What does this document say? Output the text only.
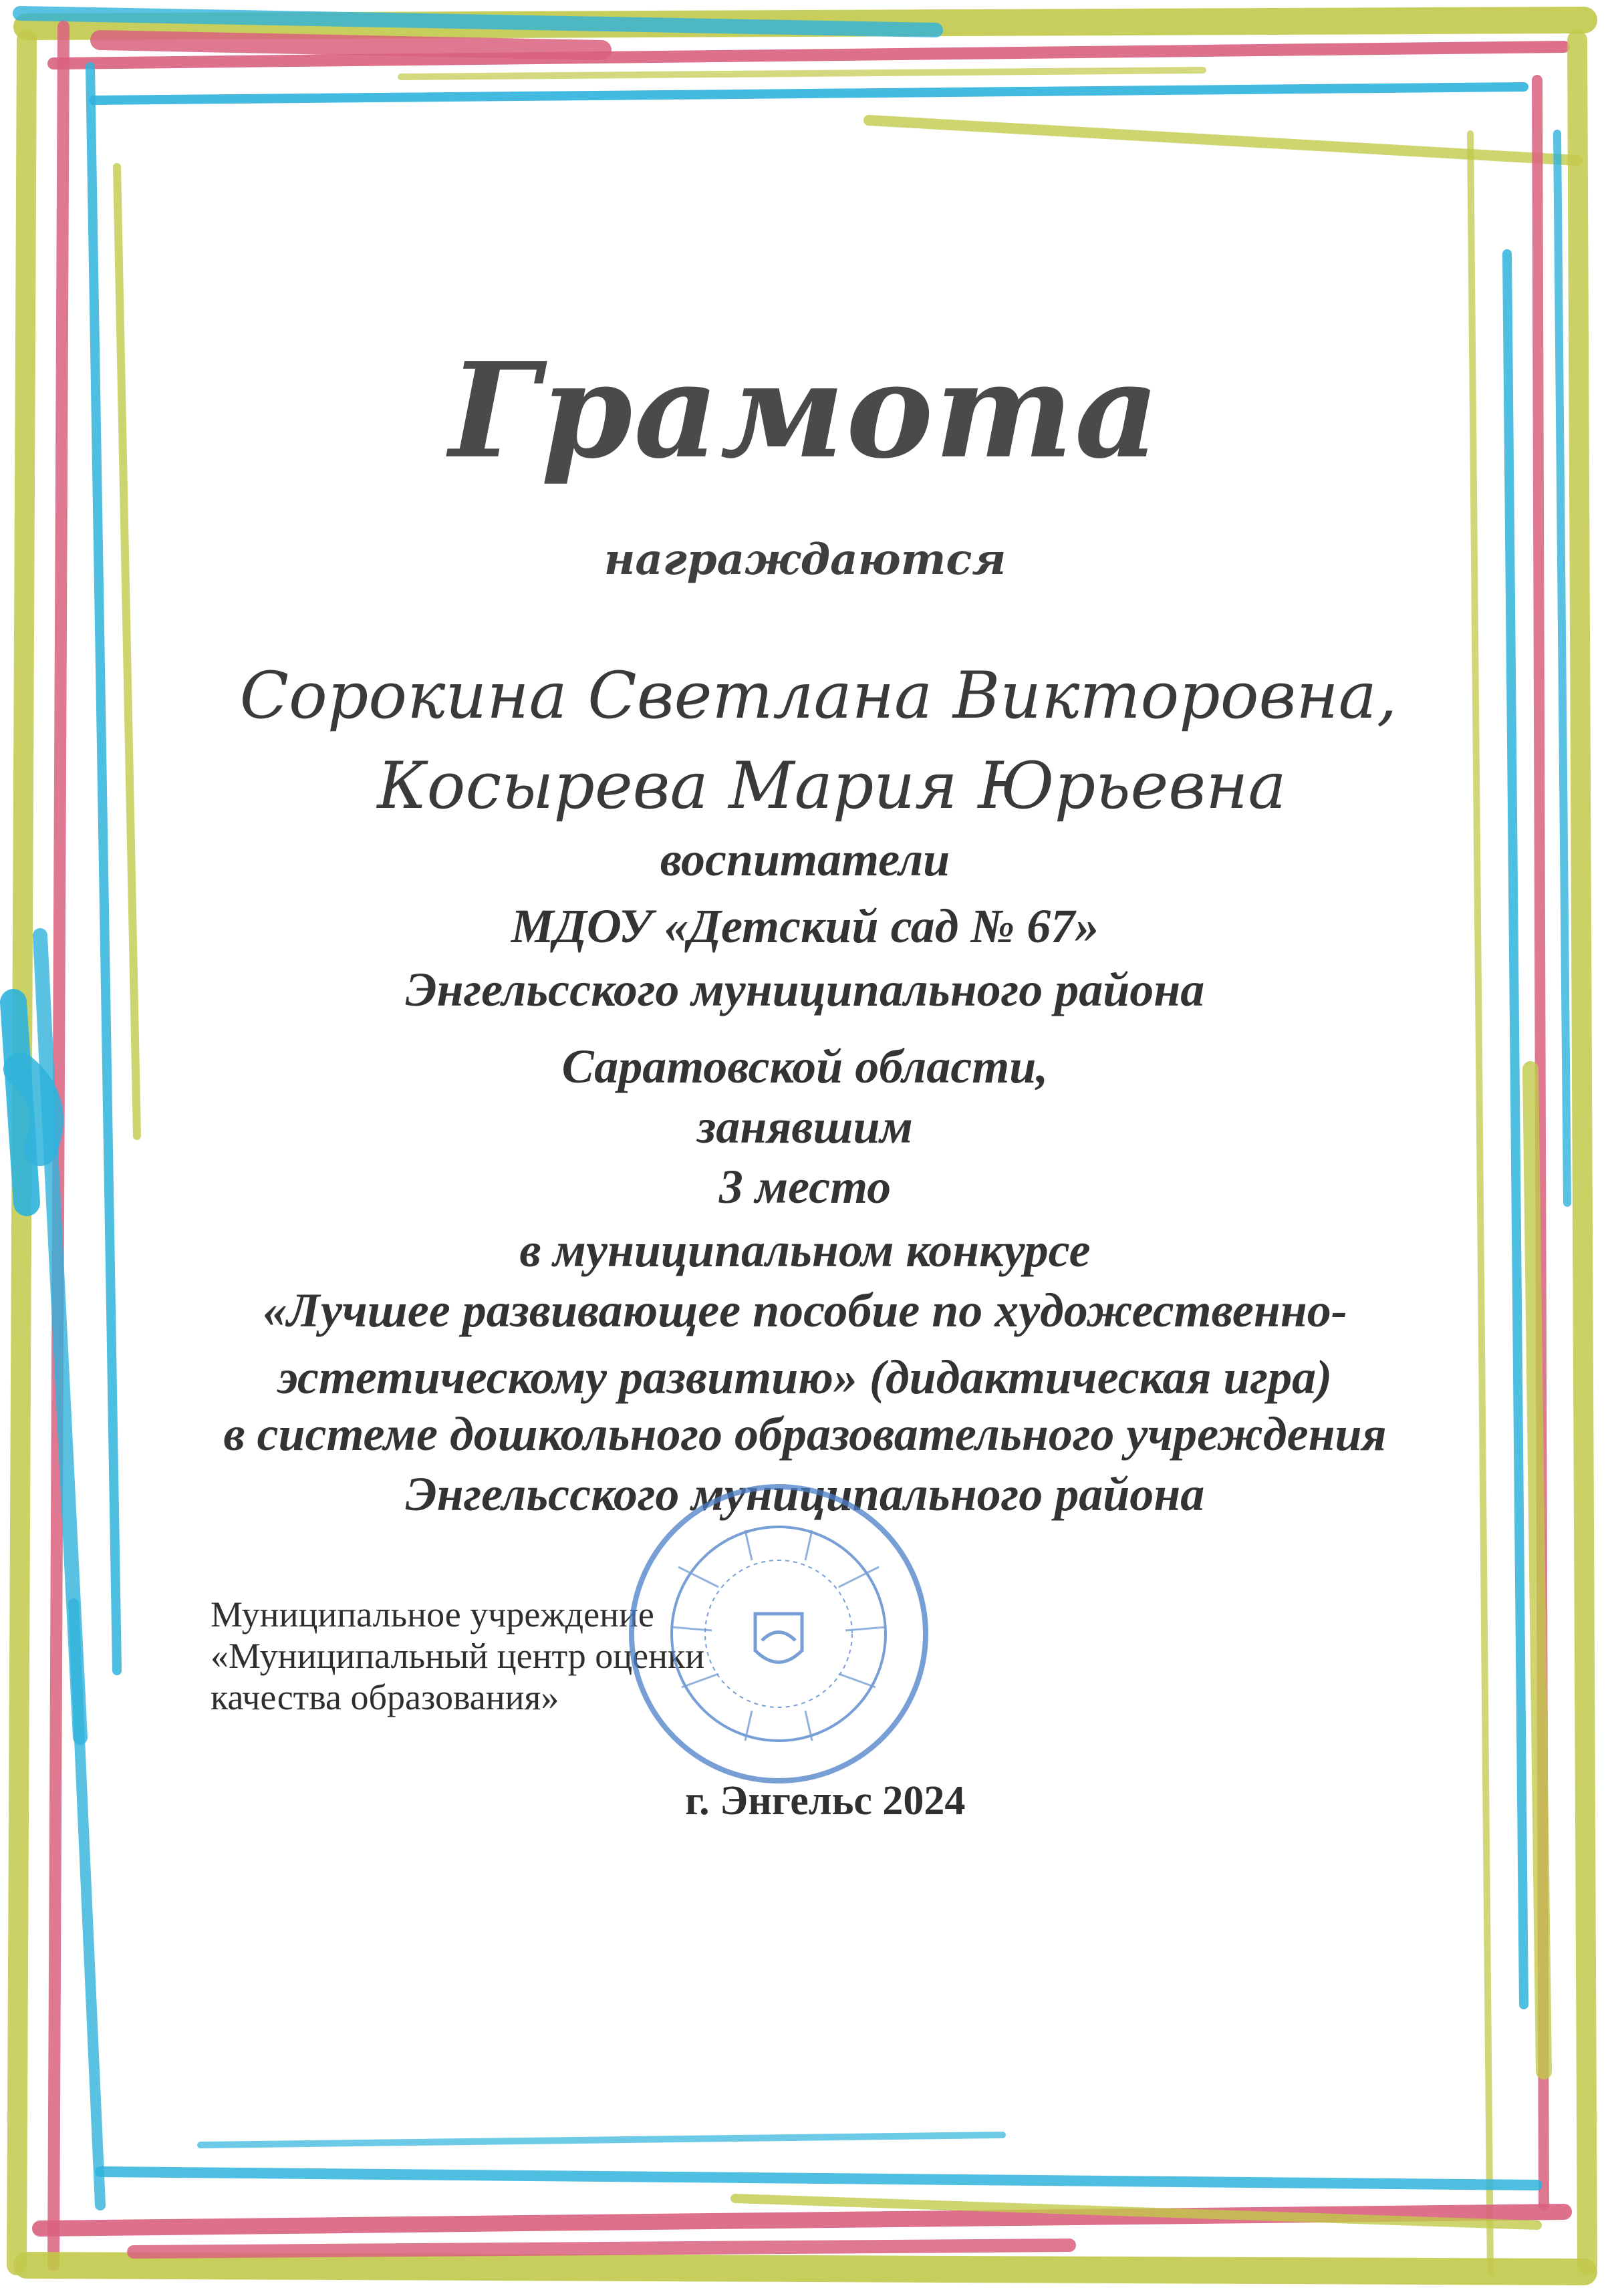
Грамота
награждаются
Сорокина Светлана Викторовна,
Косырева Мария Юрьевна
воспитатели
МДОУ «Детский сад № 67»
Энгельсского муниципального района
Саратовской области,
занявшим
3 место
в муниципальном конкурсе
«Лучшее развивающее пособие по художественно-
эстетическому развитию» (дидактическая игра)
в системе дошкольного образовательного учреждения
Энгельсского муниципального района
Муниципальное учреждение
«Муниципальный центр оценки
качества образования»
г. Энгельс 2024
